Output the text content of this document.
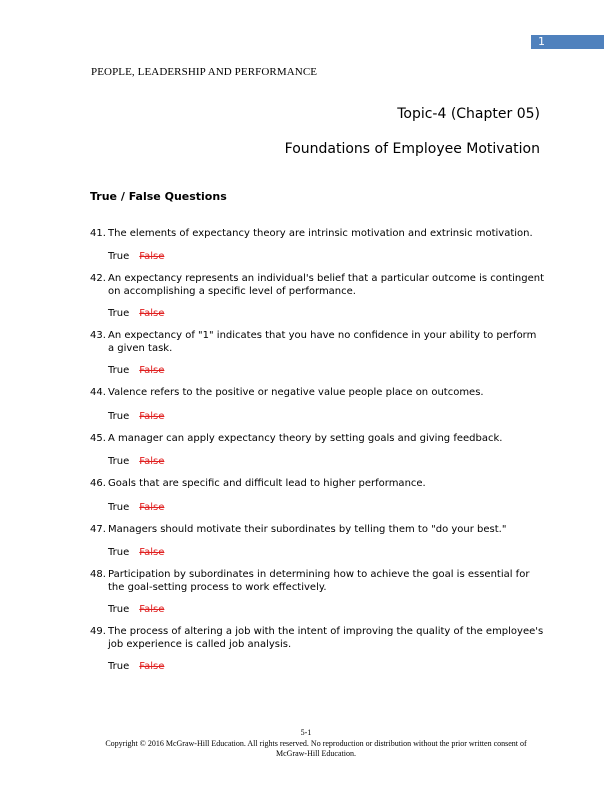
1
PEOPLE, LEADERSHIP AND PERFORMANCE
Topic-4 (Chapter 05)
Foundations of Employee Motivation
True / False Questions
41. The elements of expectancy theory are intrinsic motivation and extrinsic motivation.
True False
42. An expectancy represents an individual's belief that a particular outcome is contingent on accomplishing a specific level of performance.
True False
43. An expectancy of "1" indicates that you have no confidence in your ability to perform a given task.
True False
44. Valence refers to the positive or negative value people place on outcomes.
True False
45. A manager can apply expectancy theory by setting goals and giving feedback.
True False
46. Goals that are specific and difficult lead to higher performance.
True False
47. Managers should motivate their subordinates by telling them to "do your best."
True False
48. Participation by subordinates in determining how to achieve the goal is essential for the goal-setting process to work effectively.
True False
49. The process of altering a job with the intent of improving the quality of the employee's job experience is called job analysis.
True False
5-1
Copyright © 2016 McGraw-Hill Education. All rights reserved. No reproduction or distribution without the prior written consent of McGraw-Hill Education.
